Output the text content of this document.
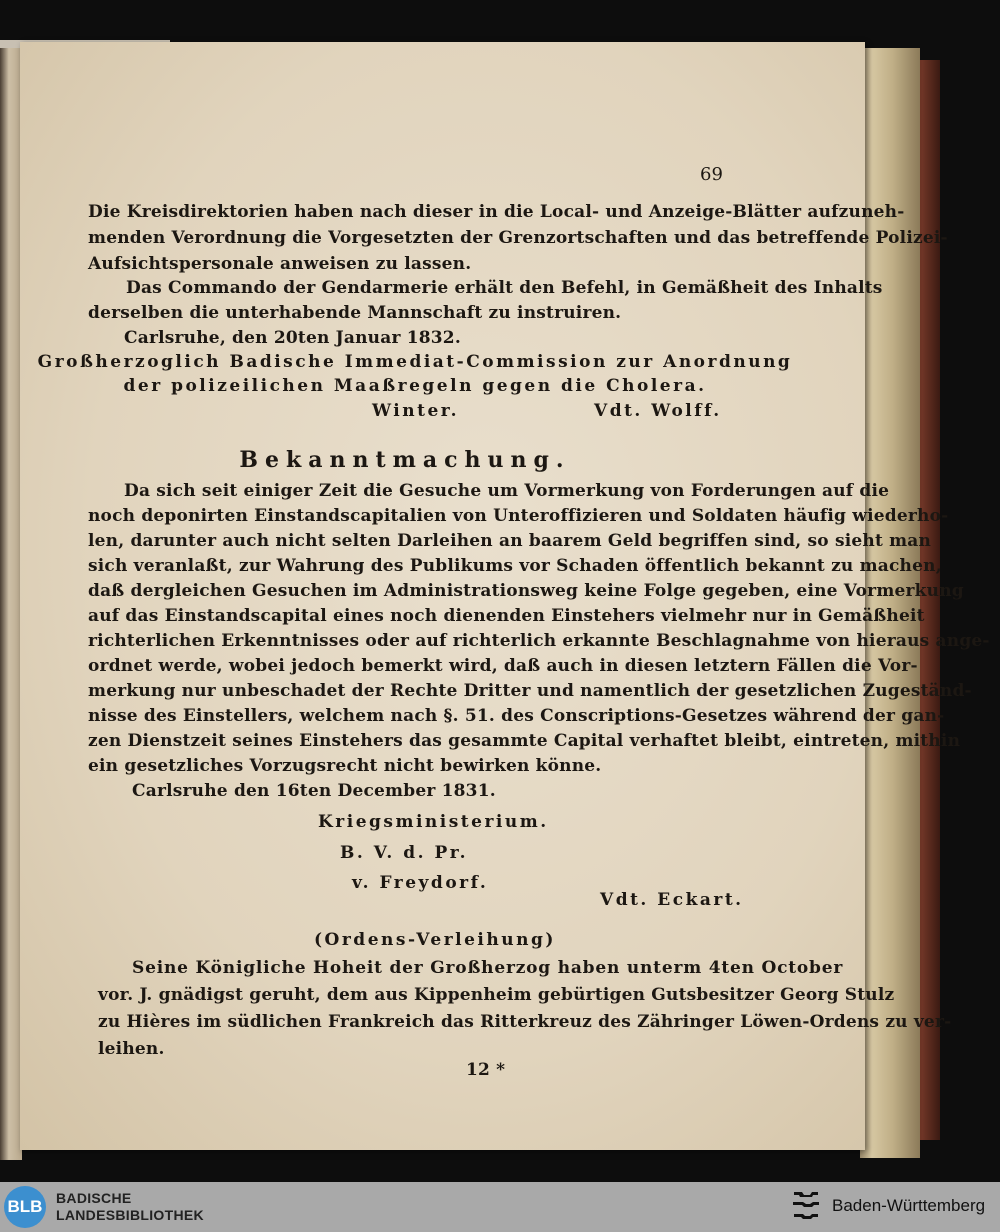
69
Die Kreisdirektorien haben nach dieser in die Local- und Anzeige-Blätter aufzuneh-
menden Verordnung die Vorgesetzten der Grenzortschaften und das betreffende Polizei-
Aufsichtspersonale anweisen zu lassen.
Das Commando der Gendarmerie erhält den Befehl, in Gemäßheit des Inhalts
derselben die unterhabende Mannschaft zu instruiren.
Carlsruhe, den 20ten Januar 1832.
Großherzoglich Badische Immediat-Commission zur Anordnung
der polizeilichen Maaßregeln gegen die Cholera.
Winter.	Vdt. Wolff.
Bekanntmachung.
Da sich seit einiger Zeit die Gesuche um Vormerkung von Forderungen auf die
noch deponirten Einstandscapitalien von Unteroffizieren und Soldaten häufig wiederho-
len, darunter auch nicht selten Darleihen an baarem Geld begriffen sind, so sieht man
sich veranlaßt, zur Wahrung des Publikums vor Schaden öffentlich bekannt zu machen,
daß dergleichen Gesuchen im Administrationsweg keine Folge gegeben, eine Vormerkung
auf das Einstandscapital eines noch dienenden Einstehers vielmehr nur in Gemäßheit
richterlichen Erkenntnisses oder auf richterlich erkannte Beschlagnahme von hieraus ange-
ordnet werde, wobei jedoch bemerkt wird, daß auch in diesen letztern Fällen die Vor-
merkung nur unbeschadet der Rechte Dritter und namentlich der gesetzlichen Zugeständ-
nisse des Einstellers, welchem nach §. 51. des Conscriptions-Gesetzes während der gan-
zen Dienstzeit seines Einstehers das gesammte Capital verhaftet bleibt, eintreten, mithin
ein gesetzliches Vorzugsrecht nicht bewirken könne.
Carlsruhe den 16ten December 1831.
Kriegsministerium.
B. V. d. Pr.
v. Freydorf.
Vdt. Eckart.
(Ordens-Verleihung)
Seine Königliche Hoheit der Großherzog haben unterm 4ten October
vor. J. gnädigst geruht, dem aus Kippenheim gebürtigen Gutsbesitzer Georg Stulz
zu Hières im südlichen Frankreich das Ritterkreuz des Zähringer Löwen-Ordens zu ver-
leihen.
12 *
BLB BADISCHE
LANDESBIBLIOTHEK	Baden-Württemberg
